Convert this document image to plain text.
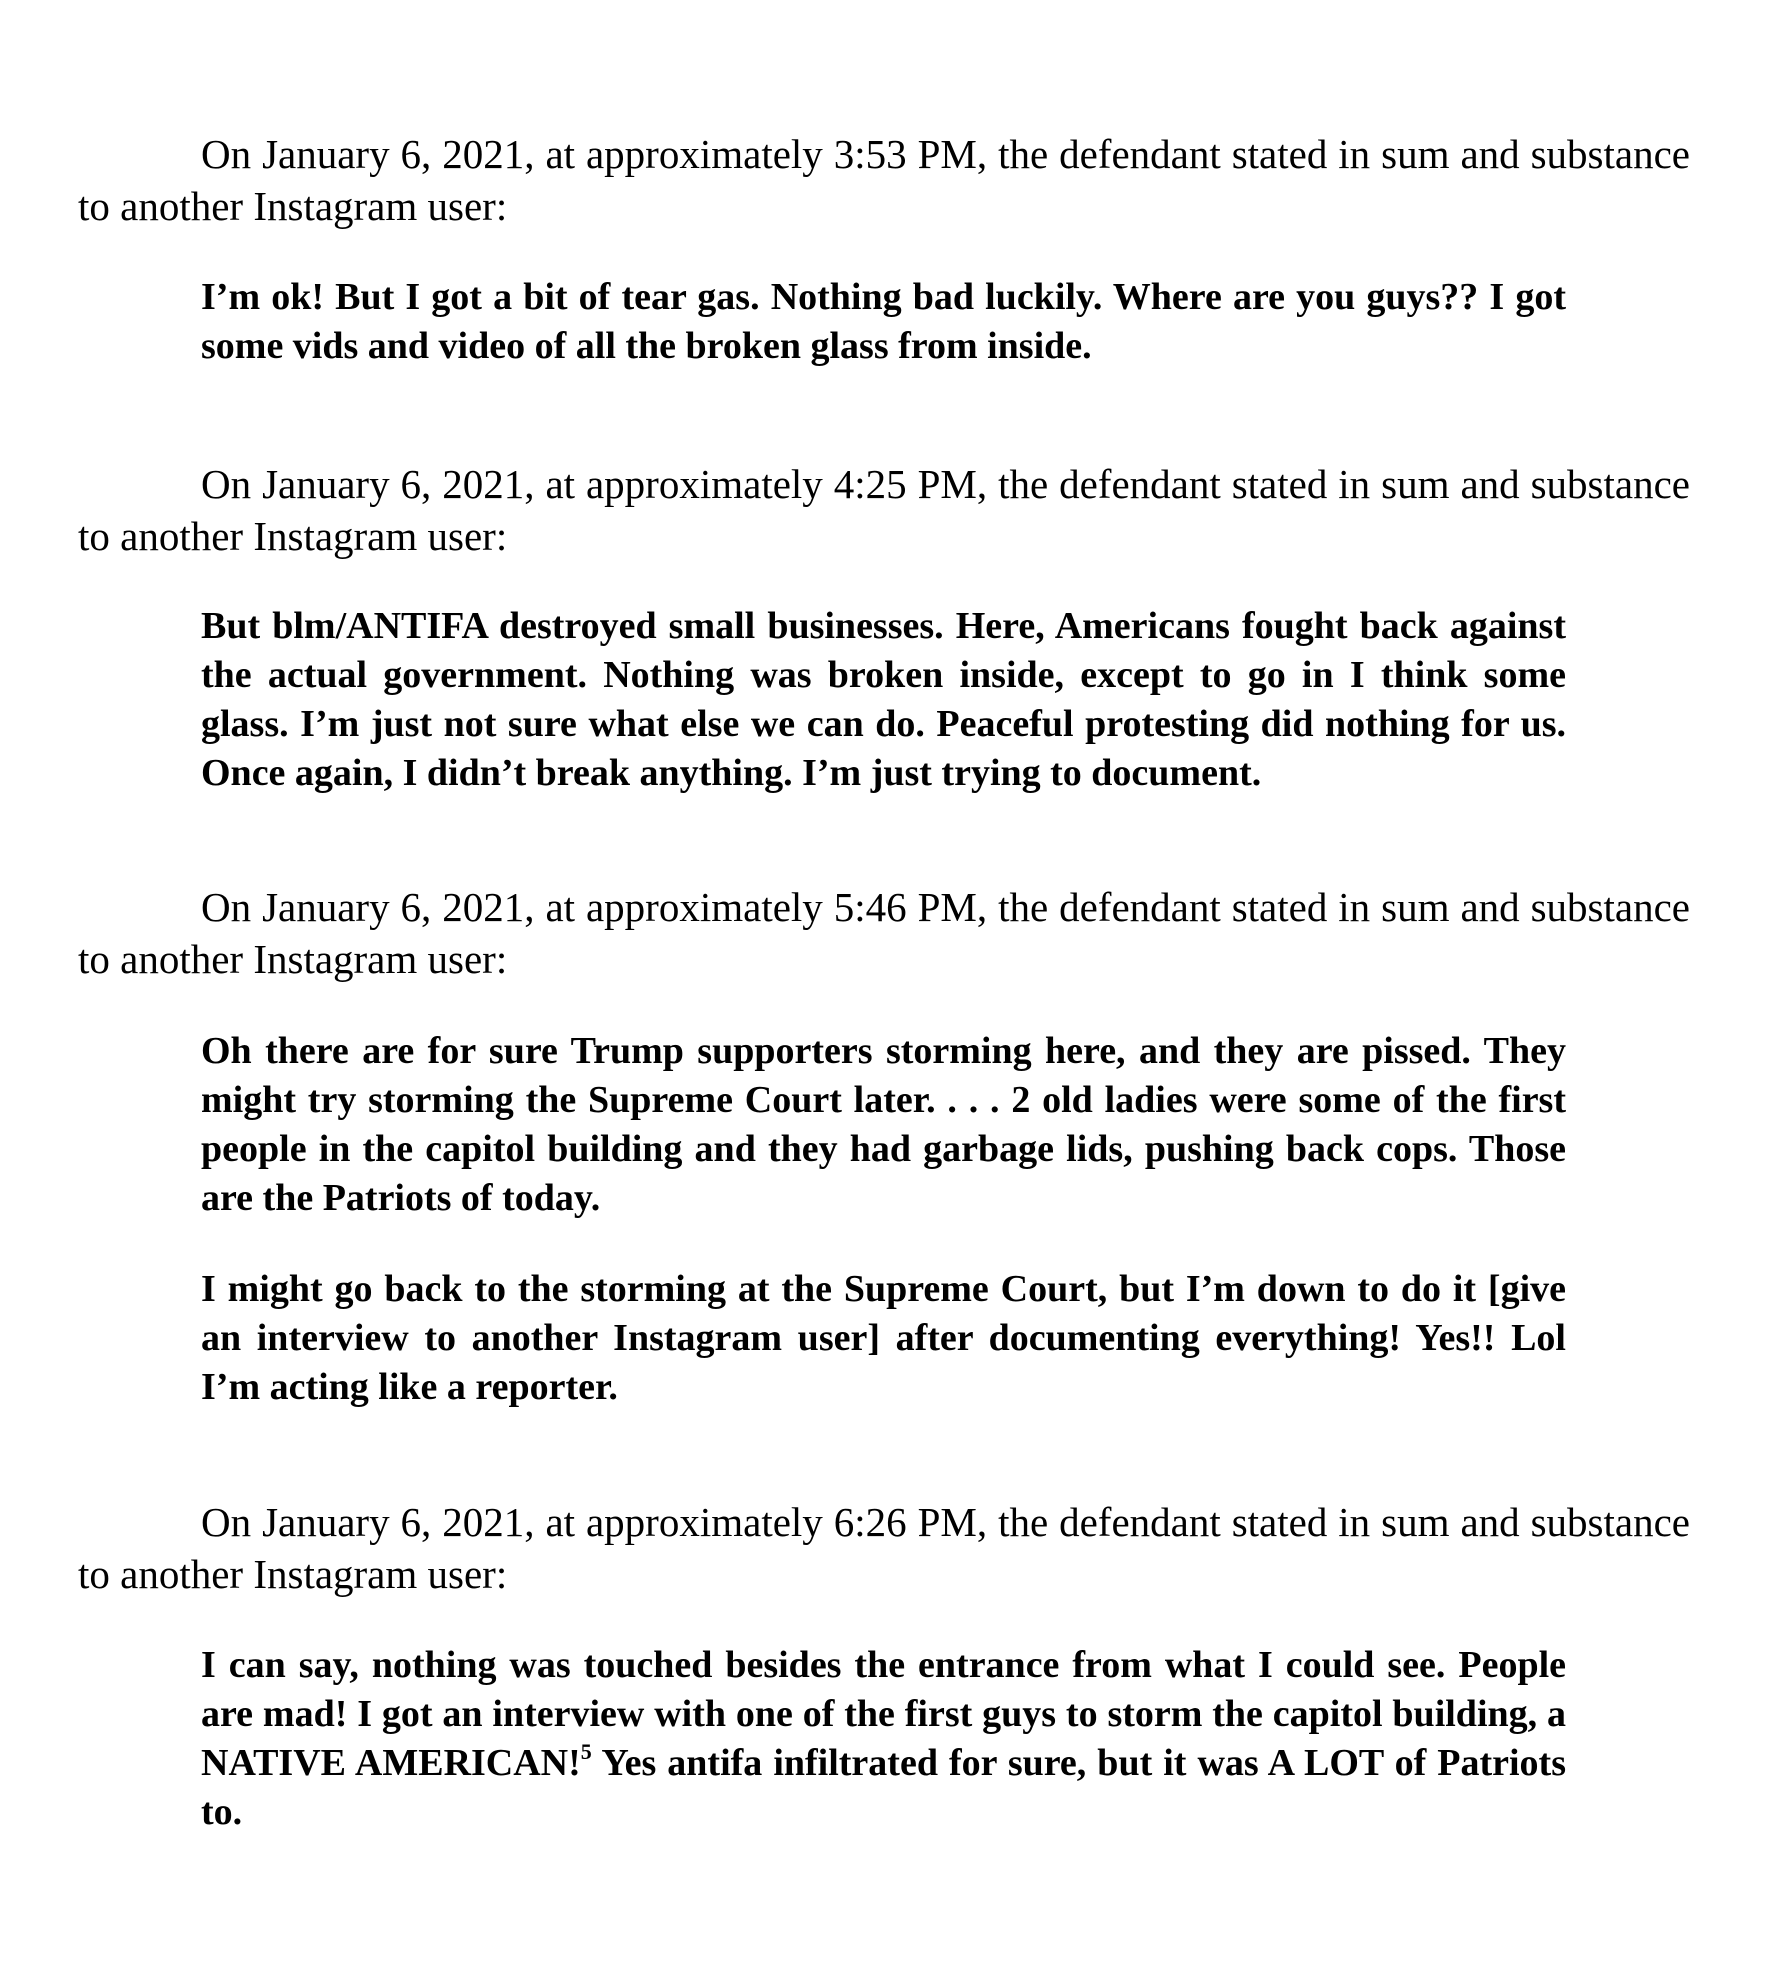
On January 6, 2021, at approximately 3:53 PM, the defendant stated in sum and substance to another Instagram user:

I’m ok! But I got a bit of tear gas. Nothing bad luckily. Where are you guys?? I got some vids and video of all the broken glass from inside.

On January 6, 2021, at approximately 4:25 PM, the defendant stated in sum and substance to another Instagram user:

But blm/ANTIFA destroyed small businesses. Here, Americans fought back against the actual government. Nothing was broken inside, except to go in I think some glass. I’m just not sure what else we can do. Peaceful protesting did nothing for us. Once again, I didn’t break anything. I’m just trying to document.

On January 6, 2021, at approximately 5:46 PM, the defendant stated in sum and substance to another Instagram user:

Oh there are for sure Trump supporters storming here, and they are pissed. They might try storming the Supreme Court later. . . . 2 old ladies were some of the first people in the capitol building and they had garbage lids, pushing back cops. Those are the Patriots of today.

I might go back to the storming at the Supreme Court, but I’m down to do it [give an interview to another Instagram user] after documenting everything! Yes!! Lol I’m acting like a reporter.

On January 6, 2021, at approximately 6:26 PM, the defendant stated in sum and substance to another Instagram user:

I can say, nothing was touched besides the entrance from what I could see. People are mad! I got an interview with one of the first guys to storm the capitol building, a NATIVE AMERICAN!$^5$ Yes antifa infiltrated for sure, but it was A LOT of Patriots to.
